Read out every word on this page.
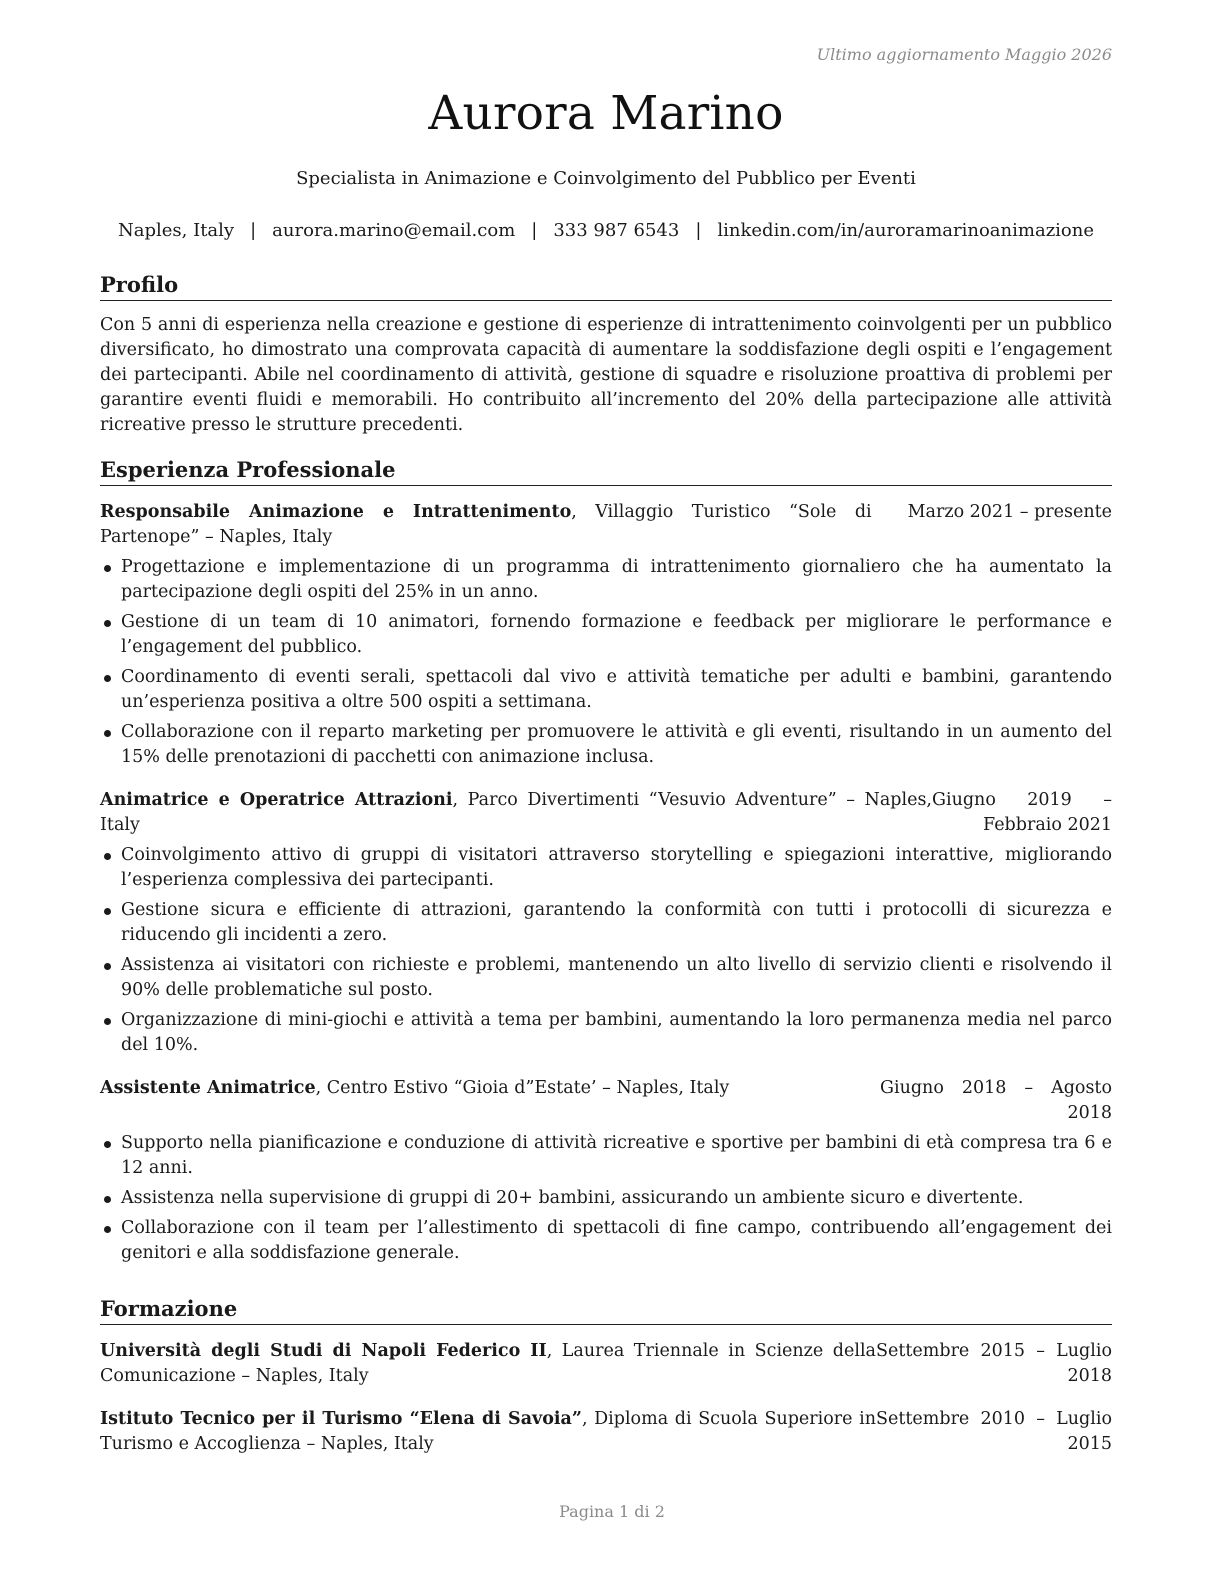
Ultimo aggiornamento Maggio 2026
Aurora Marino
Specialista in Animazione e Coinvolgimento del Pubblico per Eventi
Naples, Italy | aurora.marino@email.com | 333 987 6543 | linkedin.com/in/auroramarinoanimazione
Profilo
Con 5 anni di esperienza nella creazione e gestione di esperienze di intrattenimento coinvolgenti per un pubblico diversificato, ho dimostrato una comprovata capacità di aumentare la soddisfazione degli ospiti e l’engagement dei partecipanti. Abile nel coordinamento di attività, gestione di squadre e risoluzione proattiva di problemi per garantire eventi fluidi e memorabili. Ho contribuito all’incremento del 20% della partecipazione alle attività ricreative presso le strutture precedenti.
Esperienza Professionale
Responsabile Animazione e Intrattenimento, Villaggio Turistico “Sole di Partenope” – Naples, Italy
Marzo 2021 – presente
Progettazione e implementazione di un programma di intrattenimento giornaliero che ha aumentato la partecipazione degli ospiti del 25% in un anno.
Gestione di un team di 10 animatori, fornendo formazione e feedback per migliorare le performance e l’engagement del pubblico.
Coordinamento di eventi serali, spettacoli dal vivo e attività tematiche per adulti e bambini, garantendo un’esperienza positiva a oltre 500 ospiti a settimana.
Collaborazione con il reparto marketing per promuovere le attività e gli eventi, risultando in un aumento del 15% delle prenotazioni di pacchetti con animazione inclusa.
Animatrice e Operatrice Attrazioni, Parco Divertimenti “Vesuvio Adventure” – Naples, Italy
Giugno 2019 – Febbraio 2021
Coinvolgimento attivo di gruppi di visitatori attraverso storytelling e spiegazioni interattive, migliorando l’esperienza complessiva dei partecipanti.
Gestione sicura e efficiente di attrazioni, garantendo la conformità con tutti i protocolli di sicurezza e riducendo gli incidenti a zero.
Assistenza ai visitatori con richieste e problemi, mantenendo un alto livello di servizio clienti e risolvendo il 90% delle problematiche sul posto.
Organizzazione di mini-giochi e attività a tema per bambini, aumentando la loro permanenza media nel parco del 10%.
Assistente Animatrice, Centro Estivo “Gioia d”Estate’ – Naples, Italy	Giugno 2018 – Agosto 2018
Supporto nella pianificazione e conduzione di attività ricreative e sportive per bambini di età compresa tra 6 e 12 anni.
Assistenza nella supervisione di gruppi di 20+ bambini, assicurando un ambiente sicuro e divertente.
Collaborazione con il team per l’allestimento di spettacoli di fine campo, contribuendo all’engagement dei genitori e alla soddisfazione generale.
Formazione
Università degli Studi di Napoli Federico II, Laurea Triennale in Scienze della Comunicazione – Naples, Italy
Settembre 2015 – Luglio 2018
Istituto Tecnico per il Turismo “Elena di Savoia”, Diploma di Scuola Superiore in Turismo e Accoglienza – Naples, Italy
Settembre 2010 – Luglio 2015
Pagina 1 di 2
